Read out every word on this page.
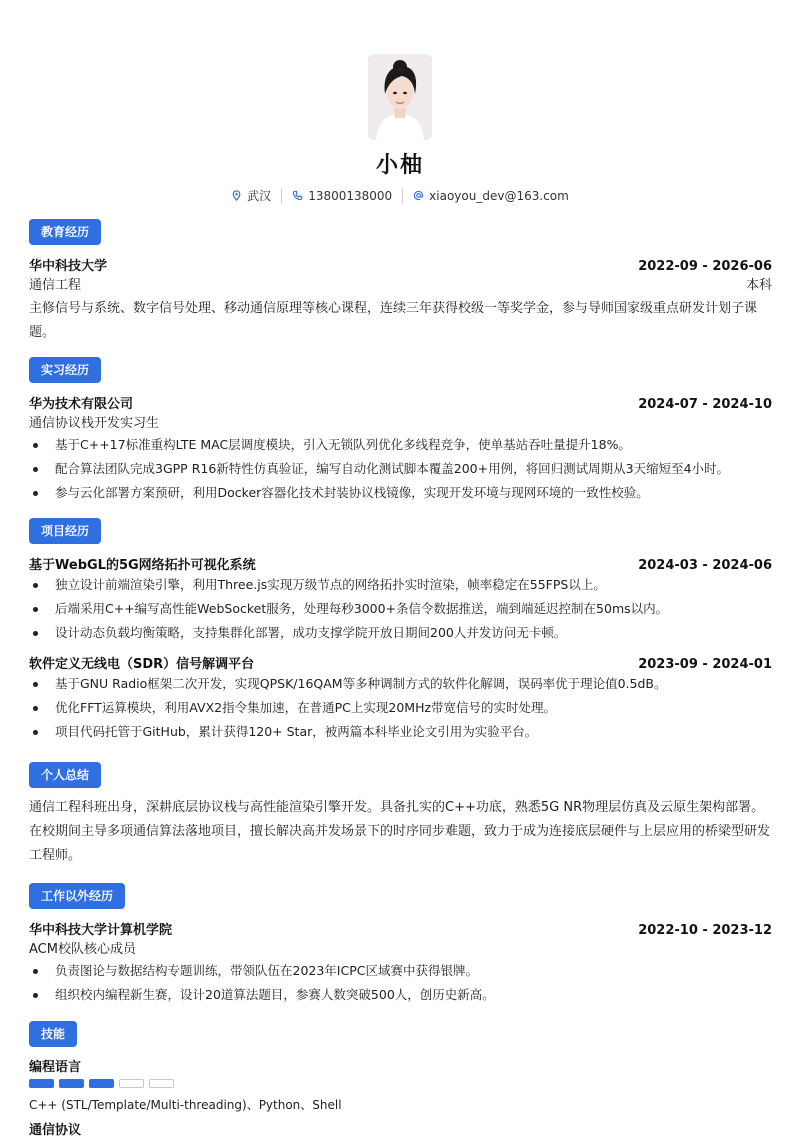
小柚
武汉	13800138000	xiaoyou_dev@163.com
教育经历
华中科技大学	2022-09 - 2026-06
通信工程	本科
主修信号与系统、数字信号处理、移动通信原理等核心课程，连续三年获得校级一等奖学金，参与导师国家级重点研发计划子课题。
实习经历
华为技术有限公司	2024-07 - 2024-10
通信协议栈开发实习生
基于C++17标准重构LTE MAC层调度模块，引入无锁队列优化多线程竞争，使单基站吞吐量提升18%。
配合算法团队完成3GPP R16新特性仿真验证，编写自动化测试脚本覆盖200+用例，将回归测试周期从3天缩短至4小时。
参与云化部署方案预研，利用Docker容器化技术封装协议栈镜像，实现开发环境与现网环境的一致性校验。
项目经历
基于WebGL的5G网络拓扑可视化系统	2024-03 - 2024-06
独立设计前端渲染引擎，利用Three.js实现万级节点的网络拓扑实时渲染，帧率稳定在55FPS以上。
后端采用C++编写高性能WebSocket服务，处理每秒3000+条信令数据推送，端到端延迟控制在50ms以内。
设计动态负载均衡策略，支持集群化部署，成功支撑学院开放日期间200人并发访问无卡顿。
软件定义无线电（SDR）信号解调平台	2023-09 - 2024-01
基于GNU Radio框架二次开发，实现QPSK/16QAM等多种调制方式的软件化解调，误码率优于理论值0.5dB。
优化FFT运算模块，利用AVX2指令集加速，在普通PC上实现20MHz带宽信号的实时处理。
项目代码托管于GitHub，累计获得120+ Star，被两篇本科毕业论文引用为实验平台。
个人总结
通信工程科班出身，深耕底层协议栈与高性能渲染引擎开发。具备扎实的C++功底，熟悉5G NR物理层仿真及云原生架构部署。在校期间主导多项通信算法落地项目，擅长解决高并发场景下的时序同步难题，致力于成为连接底层硬件与上层应用的桥梁型研发工程师。
工作以外经历
华中科技大学计算机学院	2022-10 - 2023-12
ACM校队核心成员
负责图论与数据结构专题训练，带领队伍在2023年ICPC区域赛中获得银牌。
组织校内编程新生赛，设计20道算法题目，参赛人数突破500人，创历史新高。
技能
编程语言
C++ (STL/Template/Multi-threading)、Python、Shell
通信协议
